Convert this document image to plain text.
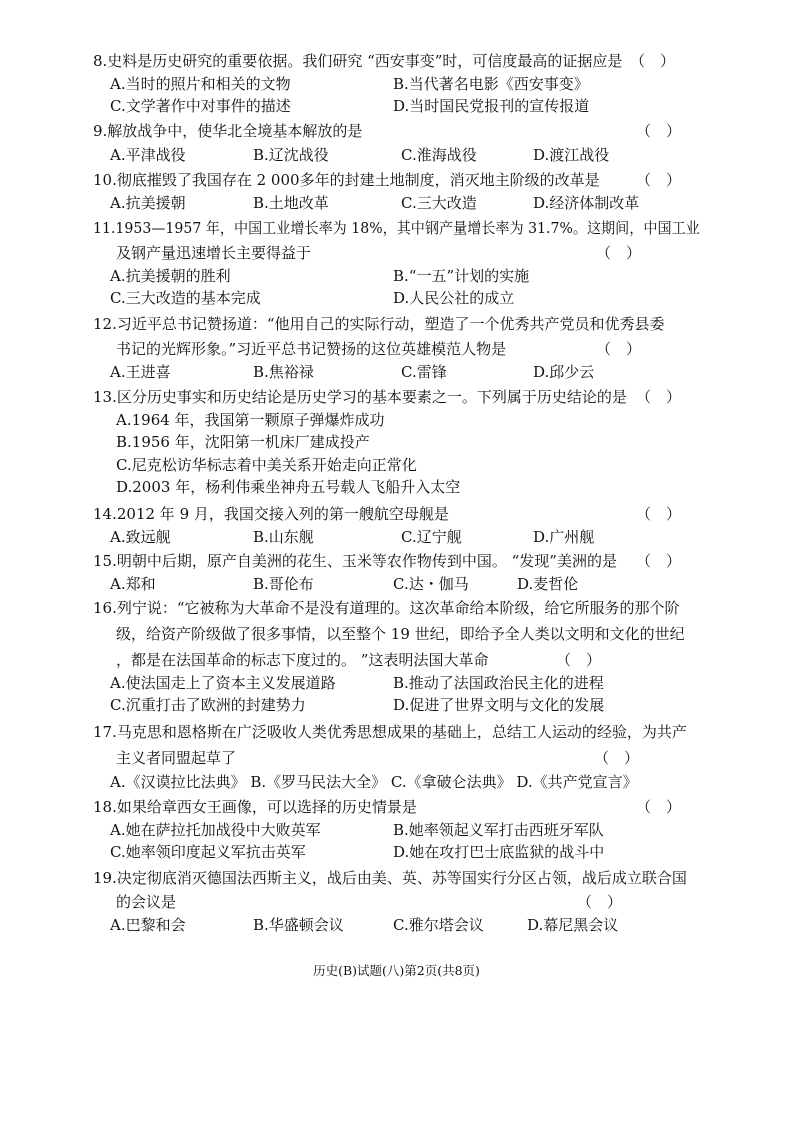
8.史料是历史研究的重要依据。我们研究 “西安事变”时，可信度最高的证据应是 （　）
A.当时的照片和相关的文物	B.当代著名电影《西安事变》
C.文学著作中对事件的描述	D.当时国民党报刊的宣传报道
9.解放战争中，使华北全境基本解放的是	（　）
A.平津战役	B.辽沈战役	C.淮海战役	D.渡江战役
10.彻底摧毁了我国存在 2 000多年的封建土地制度，消灭地主阶级的改革是 （　）
A.抗美援朝	B.土地改革	C.三大改造	D.经济体制改革
11.1953—1957 年，中国工业增长率为 18%，其中钢产量增长率为 31.7%。这期间，中国工业
及钢产量迅速增长主要得益于	（　）
A.抗美援朝的胜利	B.“一五”计划的实施
C.三大改造的基本完成	D.人民公社的成立
12.习近平总书记赞扬道：“他用自己的实际行动，塑造了一个优秀共产党员和优秀县委
书记的光辉形象。”习近平总书记赞扬的这位英雄模范人物是	（　）
A.王进喜	B.焦裕禄	C.雷锋	D.邱少云
13.区分历史事实和历史结论是历史学习的基本要素之一。下列属于历史结论的是 （　）
A.1964 年，我国第一颗原子弹爆炸成功
B.1956 年，沈阳第一机床厂建成投产
C.尼克松访华标志着中美关系开始走向正常化
D.2003 年，杨利伟乘坐神舟五号载人飞船升入太空
14.2012 年 9 月，我国交接入列的第一艘航空母舰是	（　）
A.致远舰	B.山东舰	C.辽宁舰	D.广州舰
15.明朝中后期，原产自美洲的花生、玉米等农作物传到中国。 “发现”美洲的是 （　）
A.郑和	B.哥伦布	C.达・伽马	D.麦哲伦
16.列宁说：“它被称为大革命不是没有道理的。这次革命给本阶级，给它所服务的那个阶
级，给资产阶级做了很多事情，以至整个 19 世纪，即给予全人类以文明和文化的世纪
，都是在法国革命的标志下度过的。 ”这表明法国大革命	（　）
A.使法国走上了资本主义发展道路	B.推动了法国政治民主化的进程
C.沉重打击了欧洲的封建势力	D.促进了世界文明与文化的发展
17.马克思和恩格斯在广泛吸收人类优秀思想成果的基础上，总结工人运动的经验，为共产
主义者同盟起草了	（　）
A.《汉谟拉比法典》 B.《罗马民法大全》 C.《拿破仑法典》 D.《共产党宣言》
18.如果给章西女王画像，可以选择的历史情景是	（　）
A.她在萨拉托加战役中大败英军	B.她率领起义军打击西班牙军队
C.她率领印度起义军抗击英军	D.她在攻打巴士底监狱的战斗中
19.决定彻底消灭德国法西斯主义，战后由美、英、苏等国实行分区占领，战后成立联合国
的会议是	（　）
A.巴黎和会	B.华盛顿会议	C.雅尔塔会议	D.幕尼黑会议
历史(B)试题(八)第2页(共8页)
